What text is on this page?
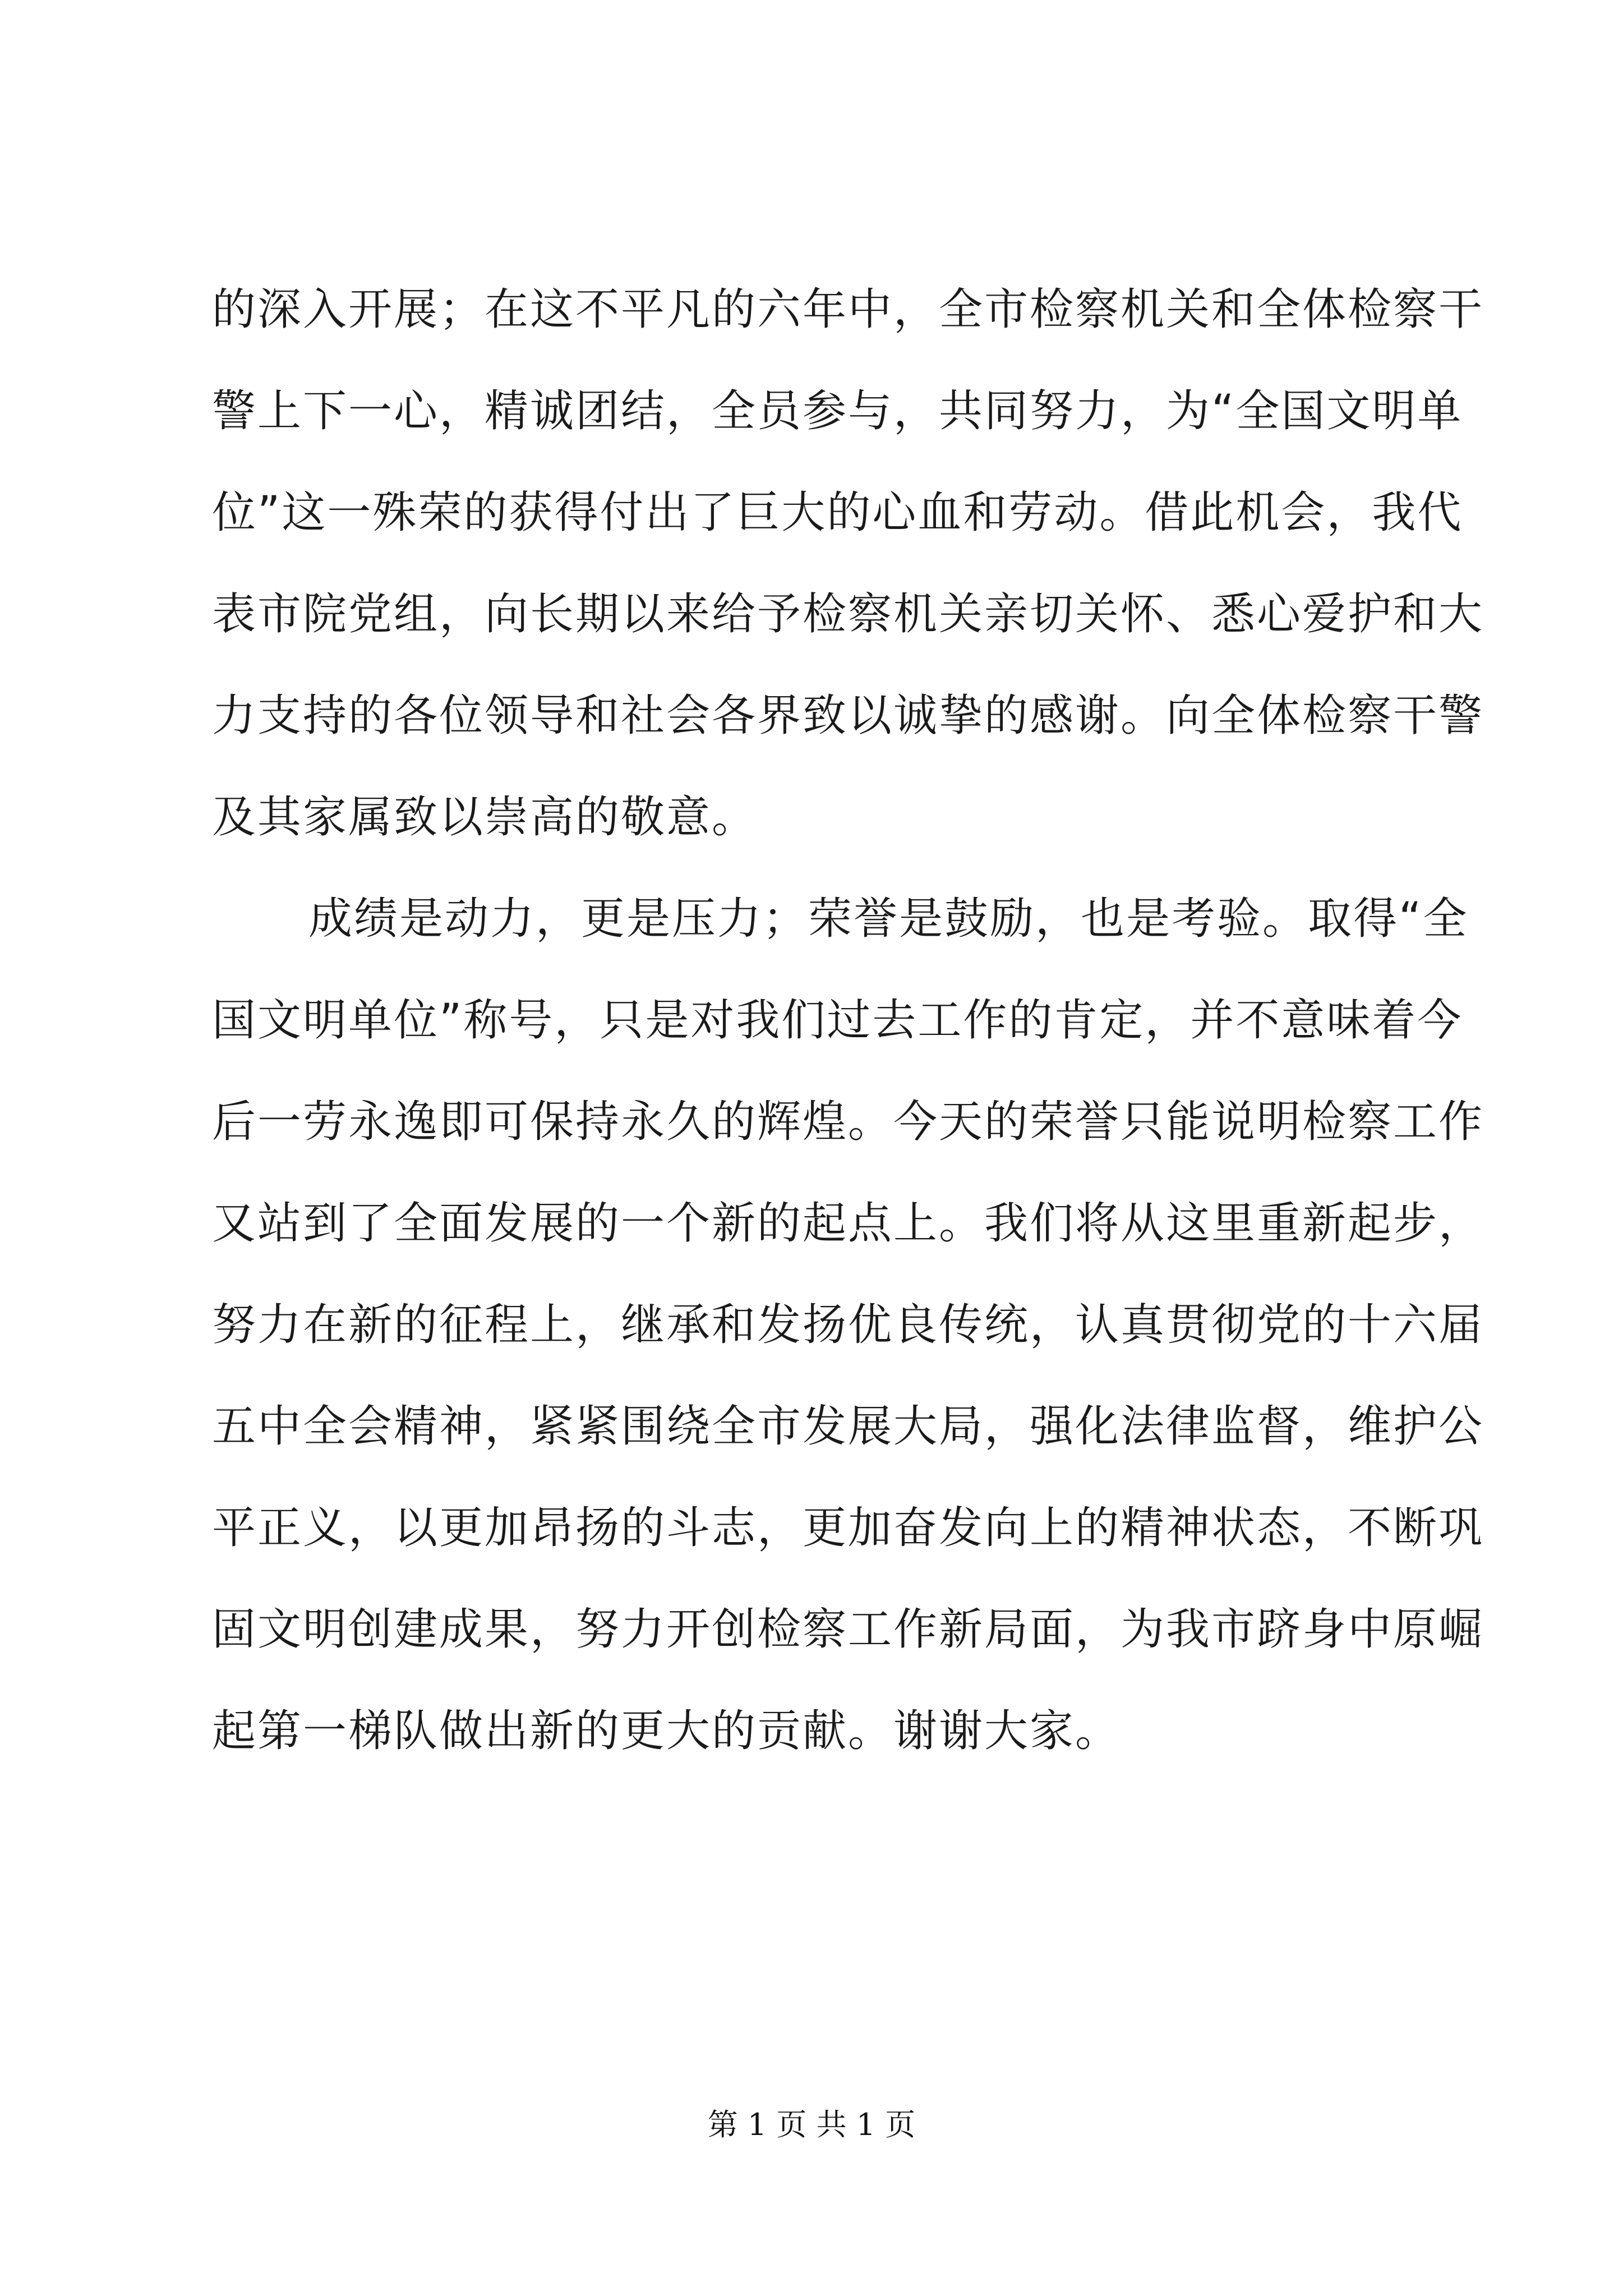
的深入开展；在这不平凡的六年中，全市检察机关和全体检察干
警上下一心，精诚团结，全员参与，共同努力，为“全国文明单
位”这一殊荣的获得付出了巨大的心血和劳动。借此机会，我代
表市院党组，向长期以来给予检察机关亲切关怀、悉心爱护和大
力支持的各位领导和社会各界致以诚挚的感谢。向全体检察干警
及其家属致以崇高的敬意。
成绩是动力，更是压力；荣誉是鼓励，也是考验。取得“全
国文明单位”称号，只是对我们过去工作的肯定，并不意味着今
后一劳永逸即可保持永久的辉煌。今天的荣誉只能说明检察工作
又站到了全面发展的一个新的起点上。我们将从这里重新起步，
努力在新的征程上，继承和发扬优良传统，认真贯彻党的十六届
五中全会精神，紧紧围绕全市发展大局，强化法律监督，维护公
平正义，以更加昂扬的斗志，更加奋发向上的精神状态，不断巩
固文明创建成果，努力开创检察工作新局面，为我市跻身中原崛
起第一梯队做出新的更大的贡献。谢谢大家。
第 1 页 共 1 页
